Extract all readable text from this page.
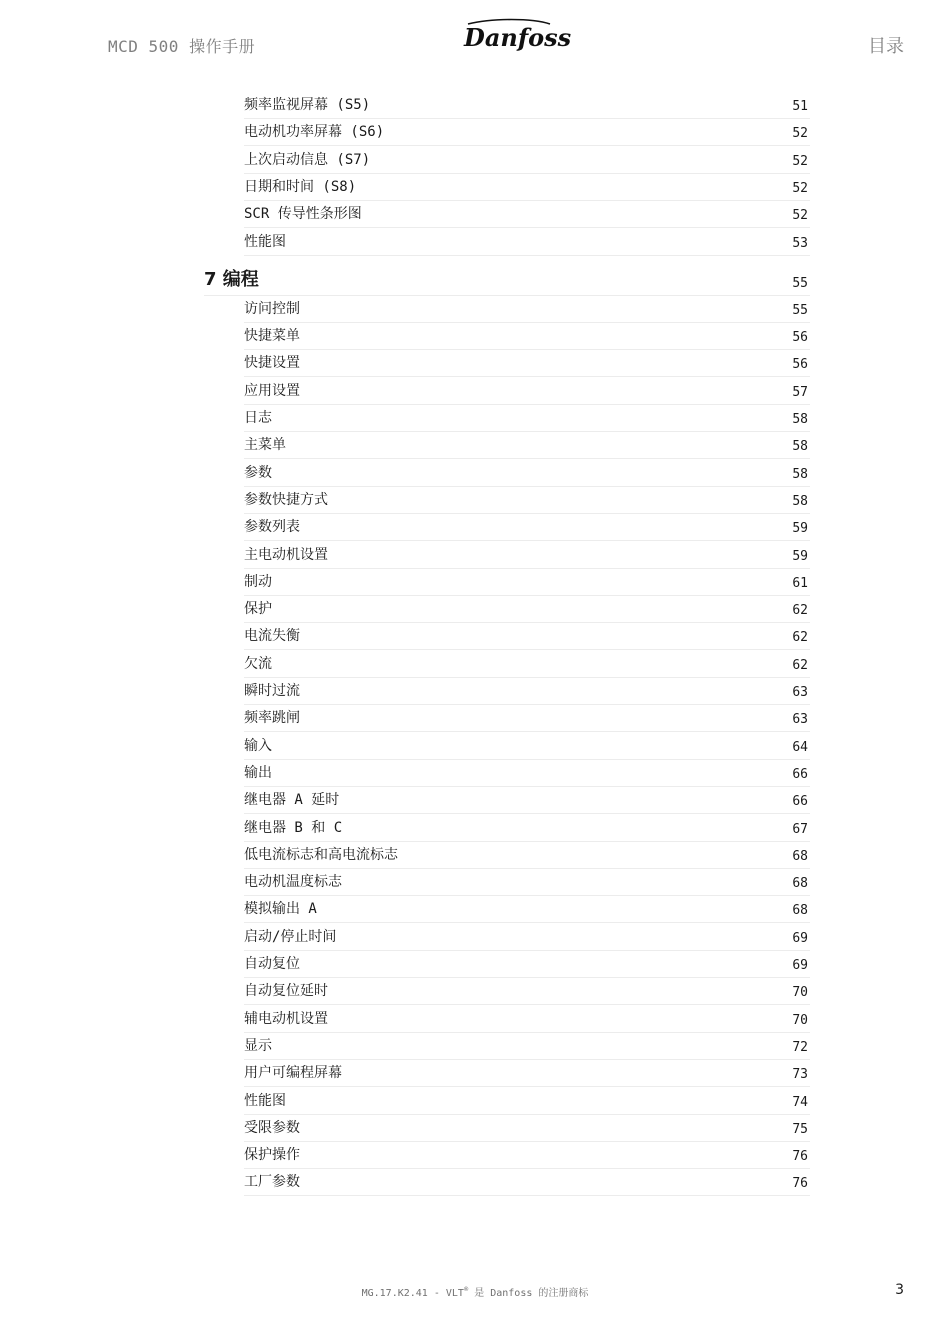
MCD 500 操作手册	Danfoss	目录
频率监视屏幕 (S5)	51
电动机功率屏幕 (S6)	52
上次启动信息 (S7)	52
日期和时间 (S8)	52
SCR 传导性条形图	52
性能图	53
7 编程	55
访问控制	55
快捷菜单	56
快捷设置	56
应用设置	57
日志	58
主菜单	58
参数	58
参数快捷方式	58
参数列表	59
主电动机设置	59
制动	61
保护	62
电流失衡	62
欠流	62
瞬时过流	63
频率跳闸	63
输入	64
输出	66
继电器 A 延时	66
继电器 B 和 C	67
低电流标志和高电流标志	68
电动机温度标志	68
模拟输出 A	68
启动/停止时间	69
自动复位	69
自动复位延时	70
辅电动机设置	70
显示	72
用户可编程屏幕	73
性能图	74
受限参数	75
保护操作	76
工厂参数	76
MG.17.K2.41 - VLT® 是 Danfoss 的注册商标	3
